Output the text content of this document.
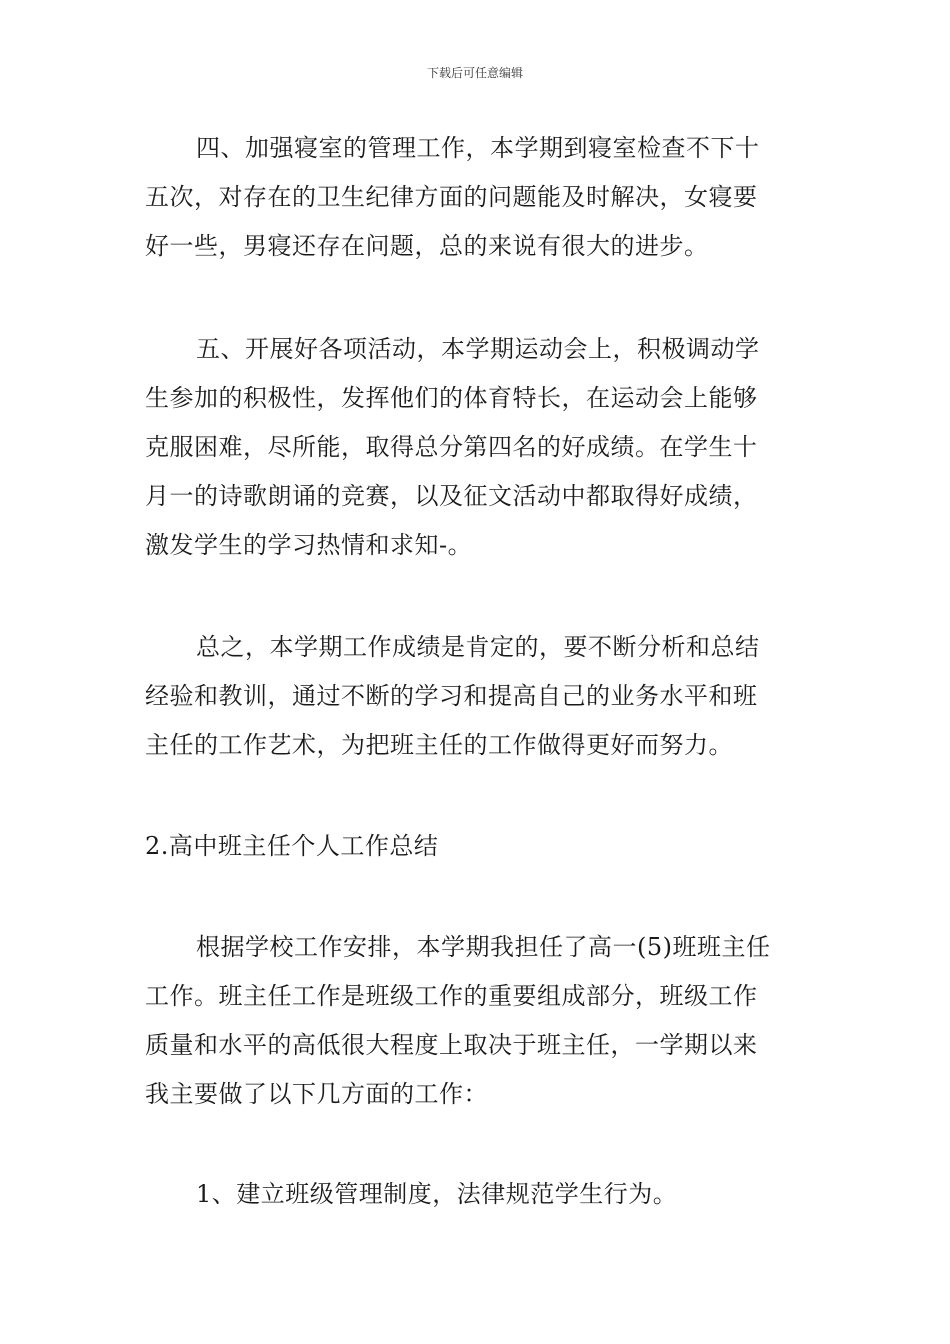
下载后可任意编辑
四、加强寝室的管理工作，本学期到寝室检查不下十
五次，对存在的卫生纪律方面的问题能及时解决，女寝要
好一些，男寝还存在问题，总的来说有很大的进步。
五、开展好各项活动，本学期运动会上，积极调动学
生参加的积极性，发挥他们的体育特长，在运动会上能够
克服困难，尽所能，取得总分第四名的好成绩。在学生十
月一的诗歌朗诵的竞赛，以及征文活动中都取得好成绩，
激发学生的学习热情和求知-。
总之，本学期工作成绩是肯定的，要不断分析和总结
经验和教训，通过不断的学习和提高自己的业务水平和班
主任的工作艺术，为把班主任的工作做得更好而努力。
2.高中班主任个人工作总结
根据学校工作安排，本学期我担任了高一(5)班班主任
工作。班主任工作是班级工作的重要组成部分，班级工作
质量和水平的高低很大程度上取决于班主任，一学期以来
我主要做了以下几方面的工作：
1、建立班级管理制度，法律规范学生行为。
